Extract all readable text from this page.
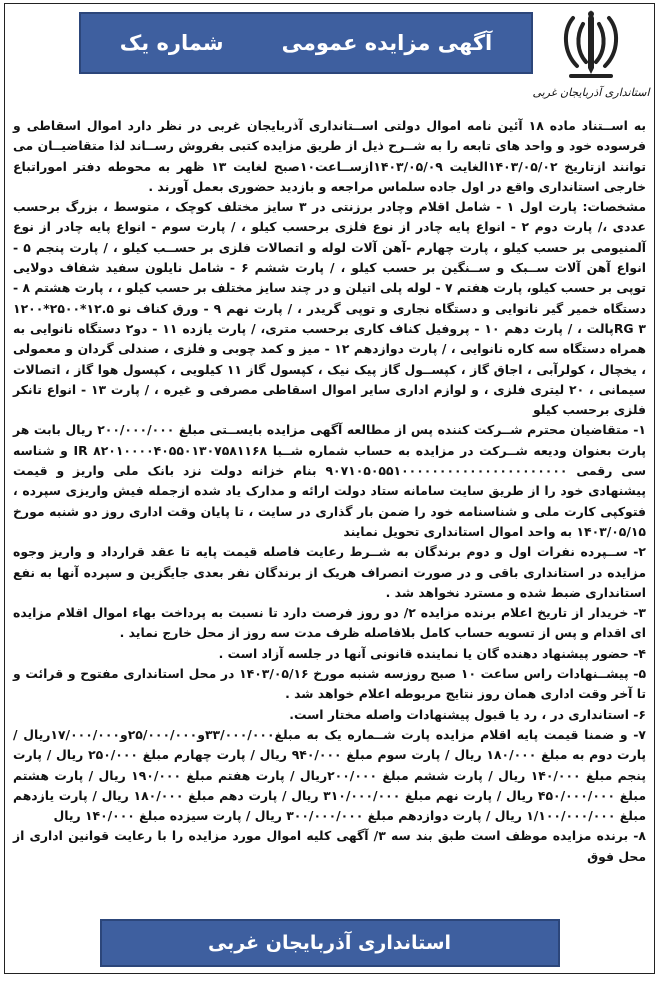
استانداری آذربایجان غربی
آگهی مزایده عمومی
شماره یک

به اســتناد ماده ۱۸ آئین نامه اموال دولتی اســتانداری آذربایجان غربی در نظر دارد اموال اسقاطی و فرسوده خود و واحد های تابعه را به شــرح ذیل از طریق مزایده کتبی بفروش رســاند لذا متقاضیــان می توانند ازتاریخ ۱۴۰۳/۰۵/۰۲الغایت ۱۴۰۳/۰۵/۰۹ازســاعت۱۰صبح لغایت ۱۳ ظهر به محوطه دفتر اموراتباع خارجی استانداری واقع در اول جاده سلماس مراجعه و بازدید حضوری بعمل آورند .

مشخصات: پارت اول ۱ - شامل اقلام وچادر برزنتی در ۳ سایز مختلف کوچک ، متوسط ، بزرگ برحسب عددی ،/ پارت دوم ۲ - انواع پایه چادر از نوع فلزی برحسب کیلو ، / پارت سوم - انواع پایه چادر از نوع آلمنیومی بر حسب کیلو ، پارت چهارم -آهن آلات لوله و اتصالات فلزی بر حســب کیلو ، / پارت پنجم ۵ - انواع آهن آلات ســبک و ســنگین بر حسب کیلو ، / پارت ششم ۶ - شامل نایلون سفید شفاف دولایی توپی بر حسب کیلو، پارت هفتم ۷ - لوله پلی اتیلن و در چند سایز مختلف بر حسب کیلو ، ، پارت هشتم ۸ - دستگاه خمیر گیر نانوایی و دستگاه نجاری و توپی گریدر ، / پارت نهم ۹ - ورق کناف نو ۱۲.۵*۲۵۰۰*۱۲۰۰ RG ۳پالت ، / پارت دهم ۱۰ - پروفیل کناف کاری برحسب متری، / پارت یازده ۱۱ - دو۲ دستگاه نانوایی به همراه دستگاه سه کاره نانوایی ، / پارت دوازدهم ۱۲ - میز و کمد چوبی و فلزی ، صندلی گردان و معمولی ، یخچال ، کولرآبی ، اجاق گاز ، کپســول گاز پیک نیک ، کپسول گاز ۱۱ کیلویی ، کپسول هوا گاز ، اتصالات سیمانی ، ۲۰ لیتری فلزی ، و لوازم اداری سایر اموال اسقاطی مصرفی و غیره ، / پارت ۱۳ - انواع تانکر فلزی برحسب کیلو

۱- متقاضیان محترم شــرکت کننده پس از مطالعه آگهی مزایده بایســتی مبلغ ۲۰۰/۰۰۰/۰۰۰ ریال بابت هر پارت بعنوان ودیعه شــرکت در مزایده به حساب شماره شــبا IR ۸۲۰۱۰۰۰۰۴۰۵۵۰۱۳۰۷۵۸۱۱۶۸ و شناسه سی رقمی ۹۰۷۱۰۵۰۵۵۱۰۰۰۰۰۰۰۰۰۰۰۰۰۰۰۰۰۰۰۰۰۰ بنام خزانه دولت نزد بانک ملی واریز و قیمت پیشنهادی خود را از طریق سایت سامانه ستاد دولت ارائه و مدارک یاد شده ازجمله فیش واریزی سپرده ، فتوکپی کارت ملی و شناسنامه خود را ضمن بار گذاری در سایت ، تا پایان وقت اداری روز دو شنبه مورخ ۱۴۰۳/۰۵/۱۵ به واحد اموال استانداری تحویل نمایند

۲- ســپرده نفرات اول و دوم برندگان به شــرط رعایت فاصله قیمت پایه تا عقد قرارداد و واریز وجوه مزایده در استانداری باقی و در صورت انصراف هریک از برندگان نفر بعدی جایگزین و سپرده آنها به نفع استانداری ضبط شده و مسترد نخواهد شد .

۳- خریدار از تاریخ اعلام برنده مزایده ۲/ دو روز فرصت دارد تا نسبت به پرداخت بهاء اموال اقلام مزایده ای اقدام و پس از تسویه حساب کامل بلافاصله ظرف مدت سه روز از محل خارج نماید .

۴- حضور پیشنهاد دهنده گان یا نماینده قانونی آنها در جلسه آزاد است .

۵- پیشــنهادات راس ساعت ۱۰ صبح روزسه شنبه مورخ ۱۴۰۳/۰۵/۱۶ در محل استانداری مفتوح و قرائت و تا آخر وقت اداری همان روز نتایج مربوطه اعلام خواهد شد .

۶- استانداری در ، رد یا قبول پیشنهادات واصله مختار است.

۷- و ضمنا قیمت پایه اقلام مزایده پارت شــماره یک به مبلغ۳۳/۰۰۰/۰۰۰و۲۵/۰۰۰/۰۰۰و۱۷/۰۰۰/۰۰۰ریال / پارت دوم به مبلغ ۱۸۰/۰۰۰ ریال / پارت سوم مبلغ ۹۴۰/۰۰۰ ریال / پارت چهارم مبلغ ۲۵۰/۰۰۰ ریال / پارت پنجم مبلغ ۱۴۰/۰۰۰ ریال / پارت ششم مبلغ ۲۰۰/۰۰۰ریال / پارت هفتم مبلغ ۱۹۰/۰۰۰ ریال / پارت هشتم مبلغ ۴۵۰/۰۰۰/۰۰۰ ریال / پارت نهم مبلغ ۳۱۰/۰۰۰/۰۰۰ ریال / پارت دهم مبلغ ۱۸۰/۰۰۰ ریال / پارت یازدهم مبلغ ۱/۱۰۰/۰۰۰/۰۰۰ ریال / پارت دوازدهم مبلغ ۳۰۰/۰۰۰/۰۰۰ ریال / پارت سیزده مبلغ ۱۴۰/۰۰۰ ریال

۸- برنده مزایده موظف است طبق بند سه ۳/ آگهی کلیه اموال مورد مزایده را با رعایت قوانین اداری از محل فوق

استانداری آذربایجان غربی
